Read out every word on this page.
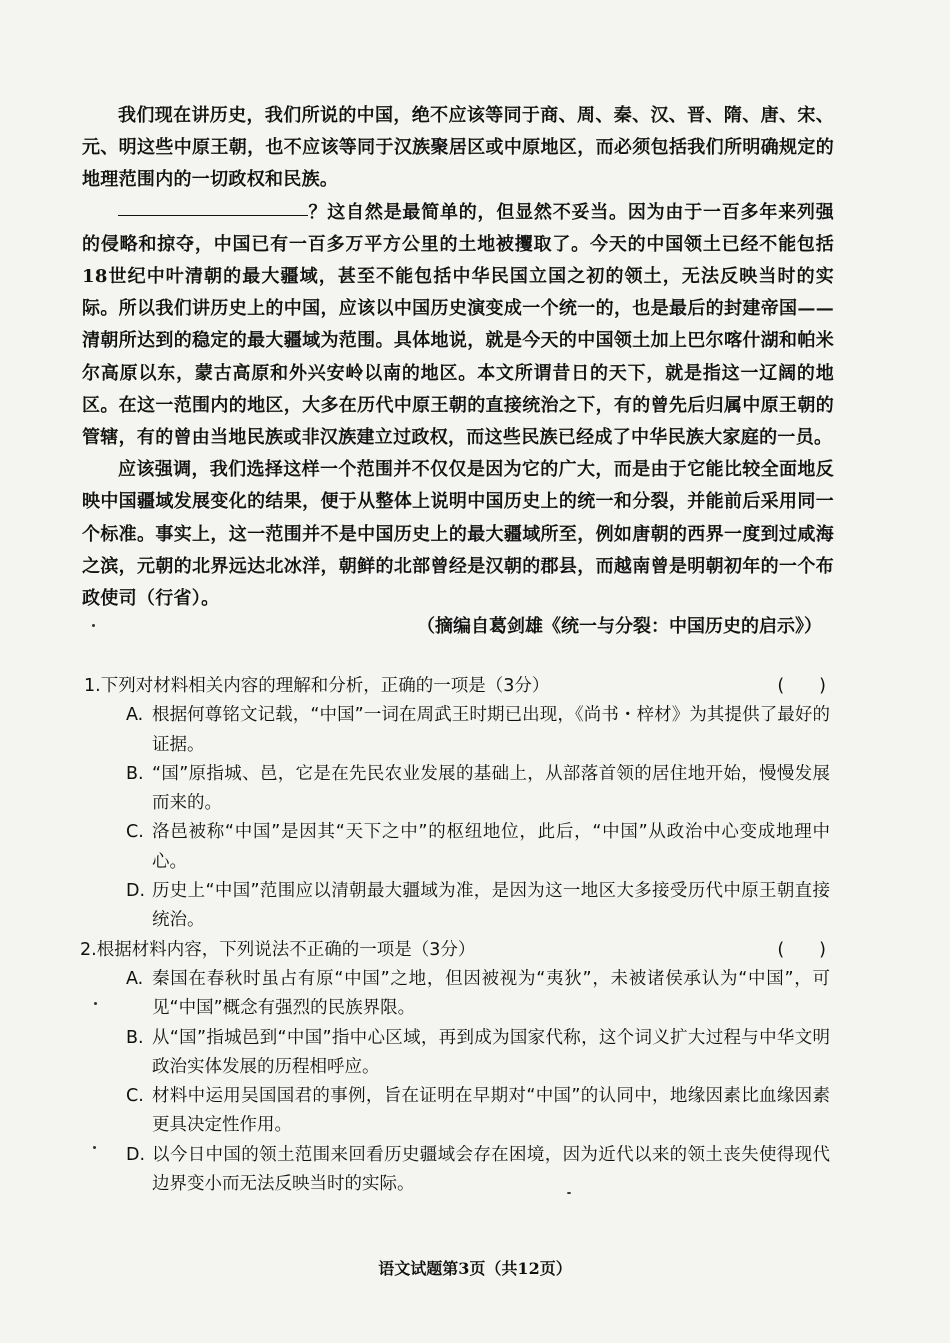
我们现在讲历史，我们所说的中国，绝不应该等同于商、周、秦、汉、晋、隋、唐、宋、元、明这些中原王朝，也不应该等同于汉族聚居区或中原地区，而必须包括我们所明确规定的地理范围内的一切政权和民族。

？这自然是最简单的，但显然不妥当。因为由于一百多年来列强的侵略和掠夺，中国已有一百多万平方公里的土地被攫取了。今天的中国领土已经不能包括18世纪中叶清朝的最大疆域，甚至不能包括中华民国立国之初的领土，无法反映当时的实际。所以我们讲历史上的中国，应该以中国历史演变成一个统一的，也是最后的封建帝国——清朝所达到的稳定的最大疆域为范围。具体地说，就是今天的中国领土加上巴尔喀什湖和帕米尔高原以东，蒙古高原和外兴安岭以南的地区。本文所谓昔日的天下，就是指这一辽阔的地区。在这一范围内的地区，大多在历代中原王朝的直接统治之下，有的曾先后归属中原王朝的管辖，有的曾由当地民族或非汉族建立过政权，而这些民族已经成了中华民族大家庭的一员。

应该强调，我们选择这样一个范围并不仅仅是因为它的广大，而是由于它能比较全面地反映中国疆域发展变化的结果，便于从整体上说明中国历史上的统一和分裂，并能前后采用同一个标准。事实上，这一范围并不是中国历史上的最大疆域所至，例如唐朝的西界一度到过咸海之滨，元朝的北界远达北冰洋，朝鲜的北部曾经是汉朝的郡县，而越南曾是明朝初年的一个布政使司（行省）。

（摘编自葛剑雄《统一与分裂：中国历史的启示》）

1.下列对材料相关内容的理解和分析，正确的一项是（3分）	(　　)

A. 根据何尊铭文记载，“中国”一词在周武王时期已出现，《尚书・梓材》为其提供了最好的证据。

B. “国”原指城、邑，它是在先民农业发展的基础上，从部落首领的居住地开始，慢慢发展而来的。

C. 洛邑被称“中国”是因其“天下之中”的枢纽地位，此后，“中国”从政治中心变成地理中心。

D. 历史上“中国”范围应以清朝最大疆域为准，是因为这一地区大多接受历代中原王朝直接统治。

2.根据材料内容，下列说法不正确的一项是（3分）	(　　)

A. 秦国在春秋时虽占有原“中国”之地，但因被视为“夷狄”，未被诸侯承认为“中国”，可见“中国”概念有强烈的民族界限。

B. 从“国”指城邑到“中国”指中心区域，再到成为国家代称，这个词义扩大过程与中华文明政治实体发展的历程相呼应。

C. 材料中运用吴国国君的事例，旨在证明在早期对“中国”的认同中，地缘因素比血缘因素更具决定性作用。

D. 以今日中国的领土范围来回看历史疆域会存在困境，因为近代以来的领土丧失使得现代边界变小而无法反映当时的实际。

语文试题第3页（共12页）
